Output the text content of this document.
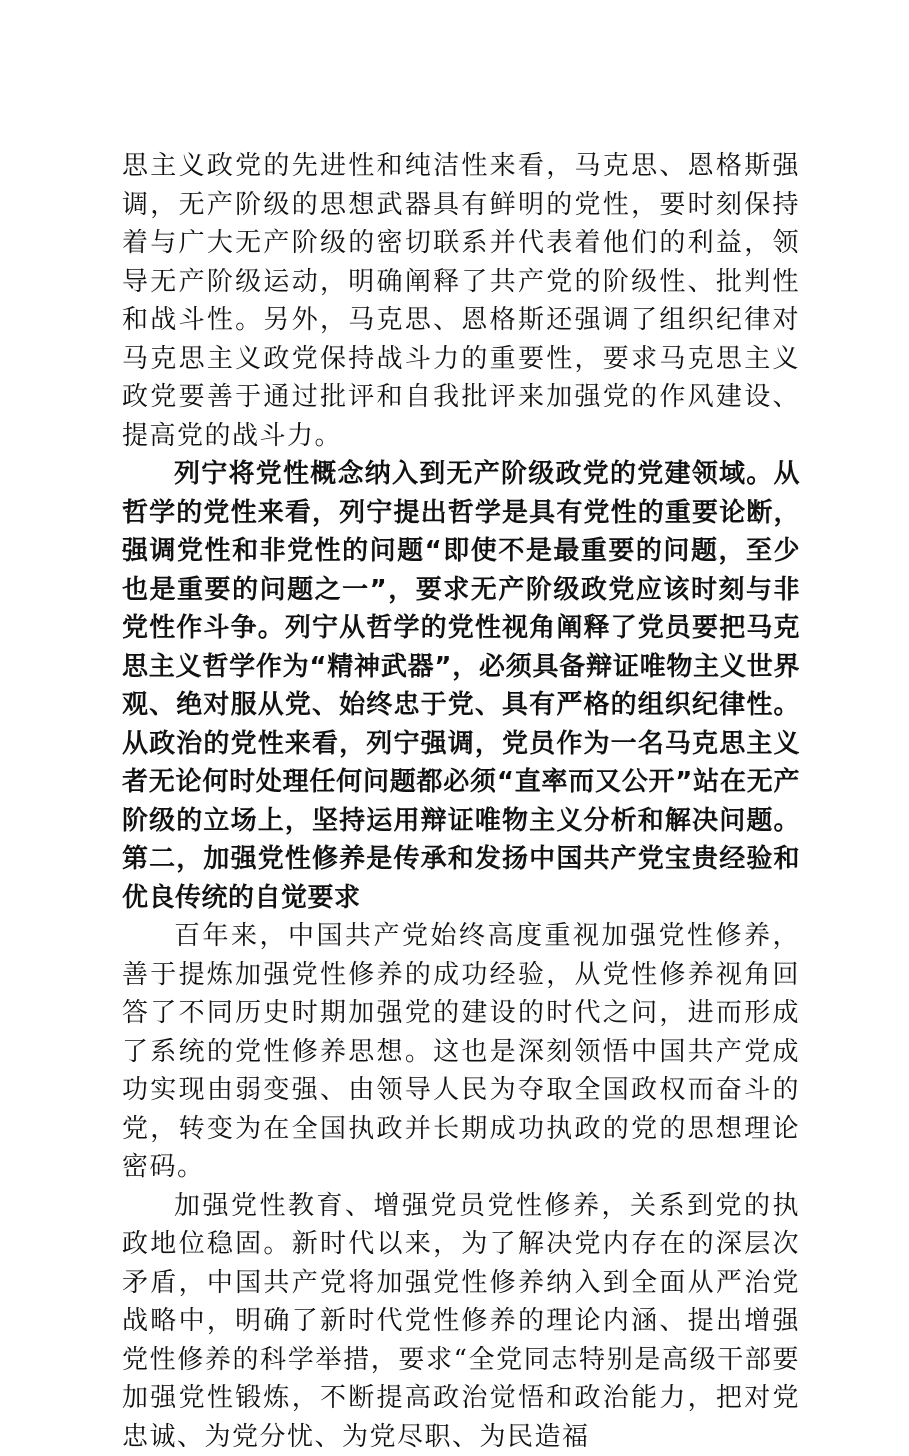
思主义政党的先进性和纯洁性来看，马克思、恩格斯强调，无产阶级的思想武器具有鲜明的党性，要时刻保持着与广大无产阶级的密切联系并代表着他们的利益，领导无产阶级运动，明确阐释了共产党的阶级性、批判性和战斗性。另外，马克思、恩格斯还强调了组织纪律对马克思主义政党保持战斗力的重要性，要求马克思主义政党要善于通过批评和自我批评来加强党的作风建设、提高党的战斗力。

列宁将党性概念纳入到无产阶级政党的党建领域。从哲学的党性来看，列宁提出哲学是具有党性的重要论断，强调党性和非党性的问题“即使不是最重要的问题，至少也是重要的问题之一”，要求无产阶级政党应该时刻与非党性作斗争。列宁从哲学的党性视角阐释了党员要把马克思主义哲学作为“精神武器”，必须具备辩证唯物主义世界观、绝对服从党、始终忠于党、具有严格的组织纪律性。从政治的党性来看，列宁强调，党员作为一名马克思主义者无论何时处理任何问题都必须“直率而又公开”站在无产阶级的立场上，坚持运用辩证唯物主义分析和解决问题。第二，加强党性修养是传承和发扬中国共产党宝贵经验和优良传统的自觉要求

百年来，中国共产党始终高度重视加强党性修养，善于提炼加强党性修养的成功经验，从党性修养视角回答了不同历史时期加强党的建设的时代之问，进而形成了系统的党性修养思想。这也是深刻领悟中国共产党成功实现由弱变强、由领导人民为夺取全国政权而奋斗的党，转变为在全国执政并长期成功执政的党的思想理论密码。

加强党性教育、增强党员党性修养，关系到党的执政地位稳固。新时代以来，为了解决党内存在的深层次矛盾，中国共产党将加强党性修养纳入到全面从严治党战略中，明确了新时代党性修养的理论内涵、提出增强党性修养的科学举措，要求“全党同志特别是高级干部要加强党性锻炼，不断提高政治觉悟和政治能力，把对党忠诚、为党分忧、为党尽职、为民造福
